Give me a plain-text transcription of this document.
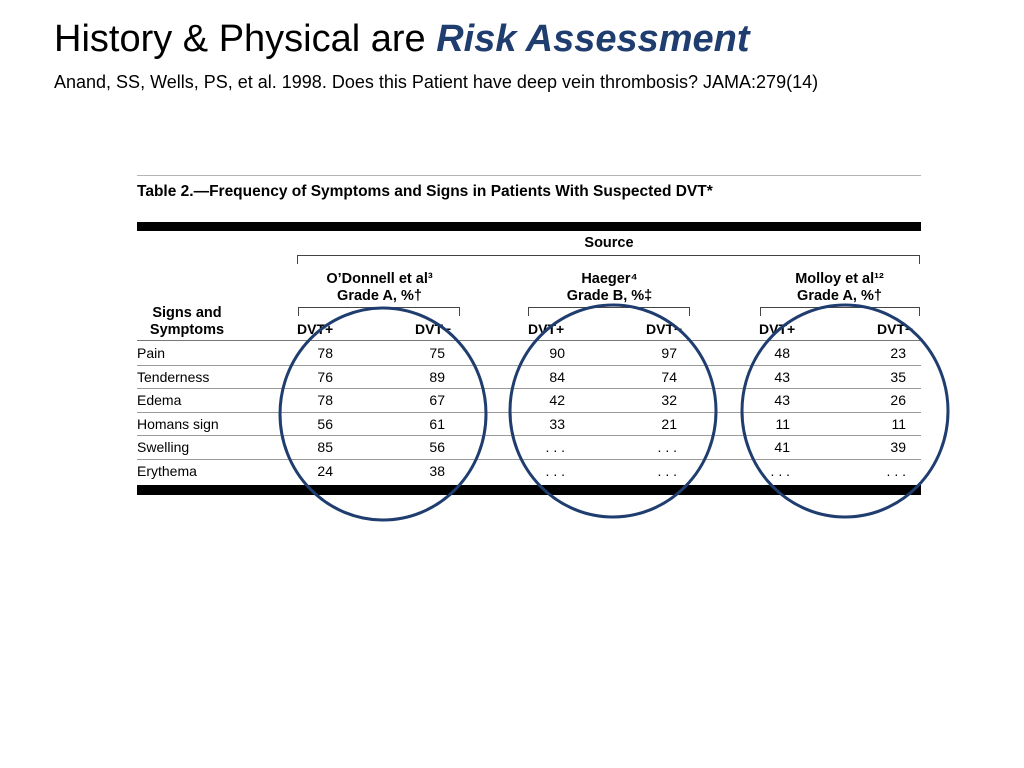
History & Physical are Risk Assessment
Anand, SS, Wells, PS, et al. 1998. Does this Patient have deep vein thrombosis? JAMA:279(14)
Table 2.—Frequency of Symptoms and Signs in Patients With Suspected DVT*
Source
O’Donnell et al³
Grade A, %†
Haeger⁴
Grade B, %‡
Molloy et al¹²
Grade A, %†
Signs and
Symptoms	DVT+	DVT−	DVT+	DVT−	DVT+	DVT−
Pain	78	75	90	97	48	23
Tenderness	76	89	84	74	43	35
Edema	78	67	42	32	43	26
Homans sign	56	61	33	21	11	11
Swelling	85	56	. . .	. . .	41	39
Erythema	24	38	. . .	. . .	. . .	. . .
